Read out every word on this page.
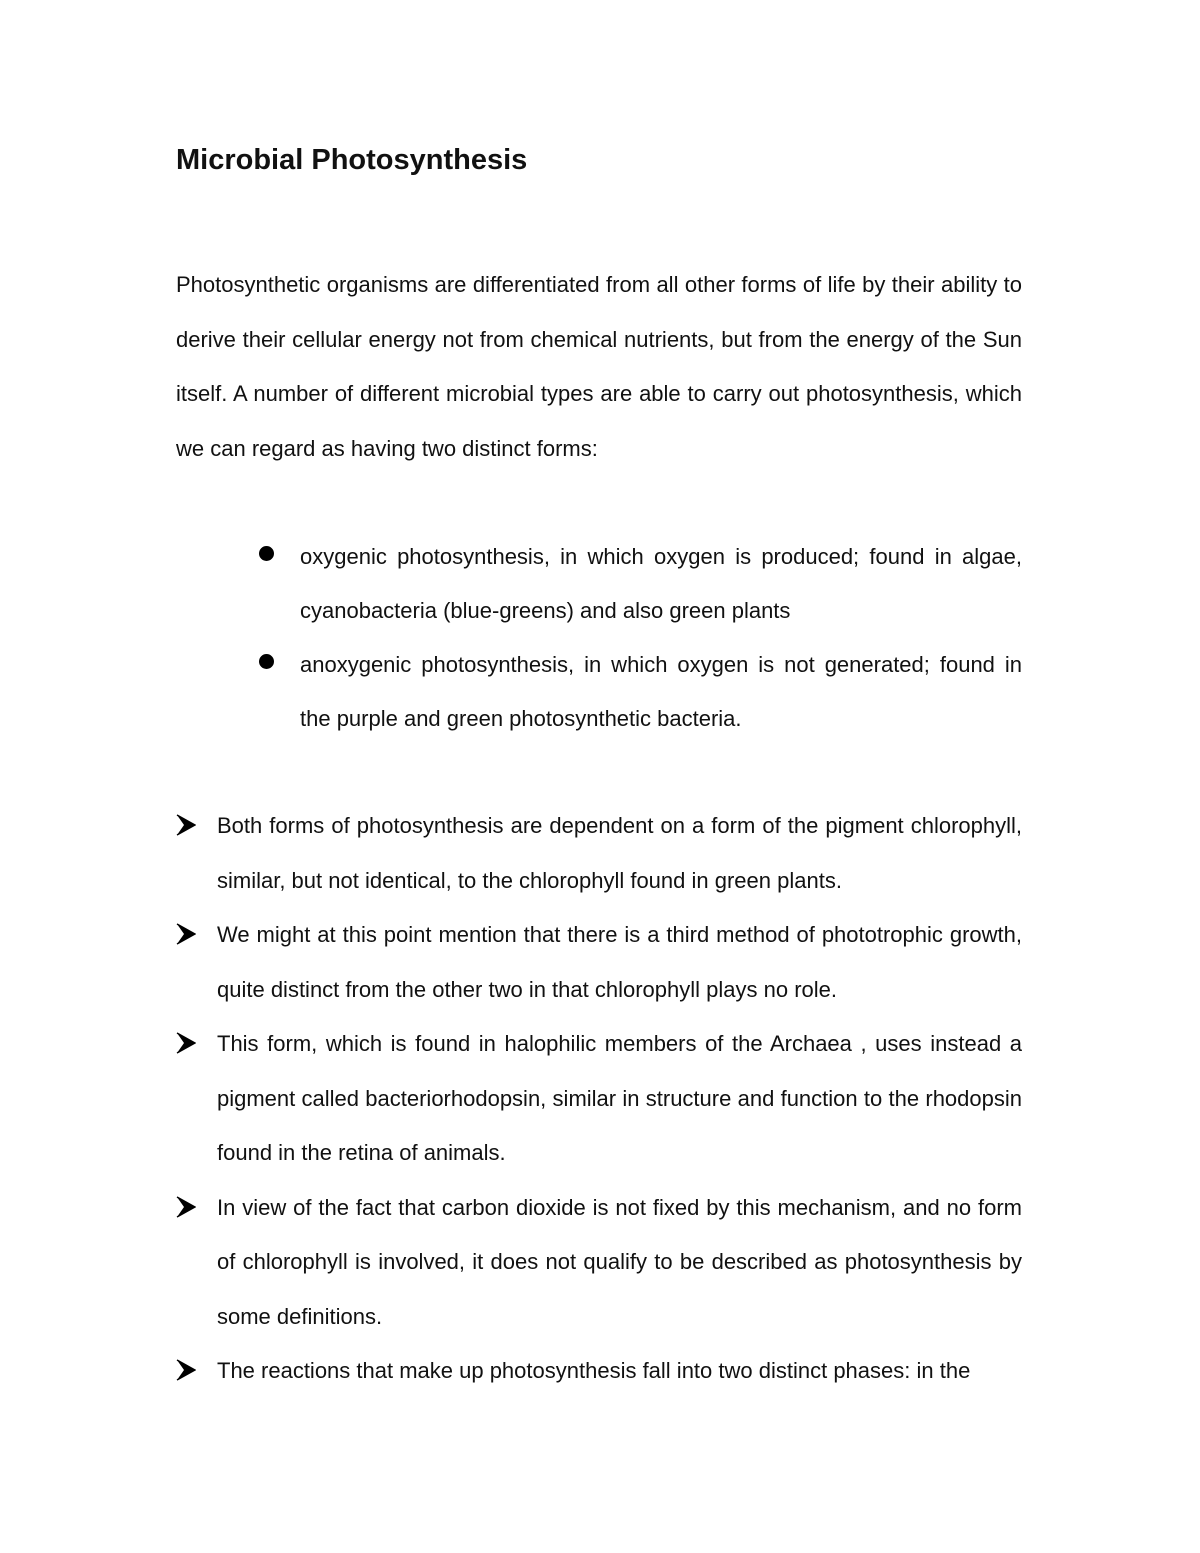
Microbial Photosynthesis

Photosynthetic organisms are differentiated from all other forms of life by their ability to derive their cellular energy not from chemical nutrients, but from the energy of the Sun itself. A number of different microbial types are able to carry out photosynthesis, which we can regard as having two distinct forms:

oxygenic photosynthesis, in which oxygen is produced; found in algae, cyanobacteria (blue-greens) and also green plants
anoxygenic photosynthesis, in which oxygen is not generated; found in the purple and green photosynthetic bacteria.
Both forms of photosynthesis are dependent on a form of the pigment chlorophyll, similar, but not identical, to the chlorophyll found in green plants.
We might at this point mention that there is a third method of phototrophic growth, quite distinct from the other two in that chlorophyll plays no role.
This form, which is found in halophilic members of the Archaea , uses instead a pigment called bacteriorhodopsin, similar in structure and function to the rhodopsin found in the retina of animals.
In view of the fact that carbon dioxide is not fixed by this mechanism, and no form of chlorophyll is involved, it does not qualify to be described as photosynthesis by some definitions.
The reactions that make up photosynthesis fall into two distinct phases: in the
